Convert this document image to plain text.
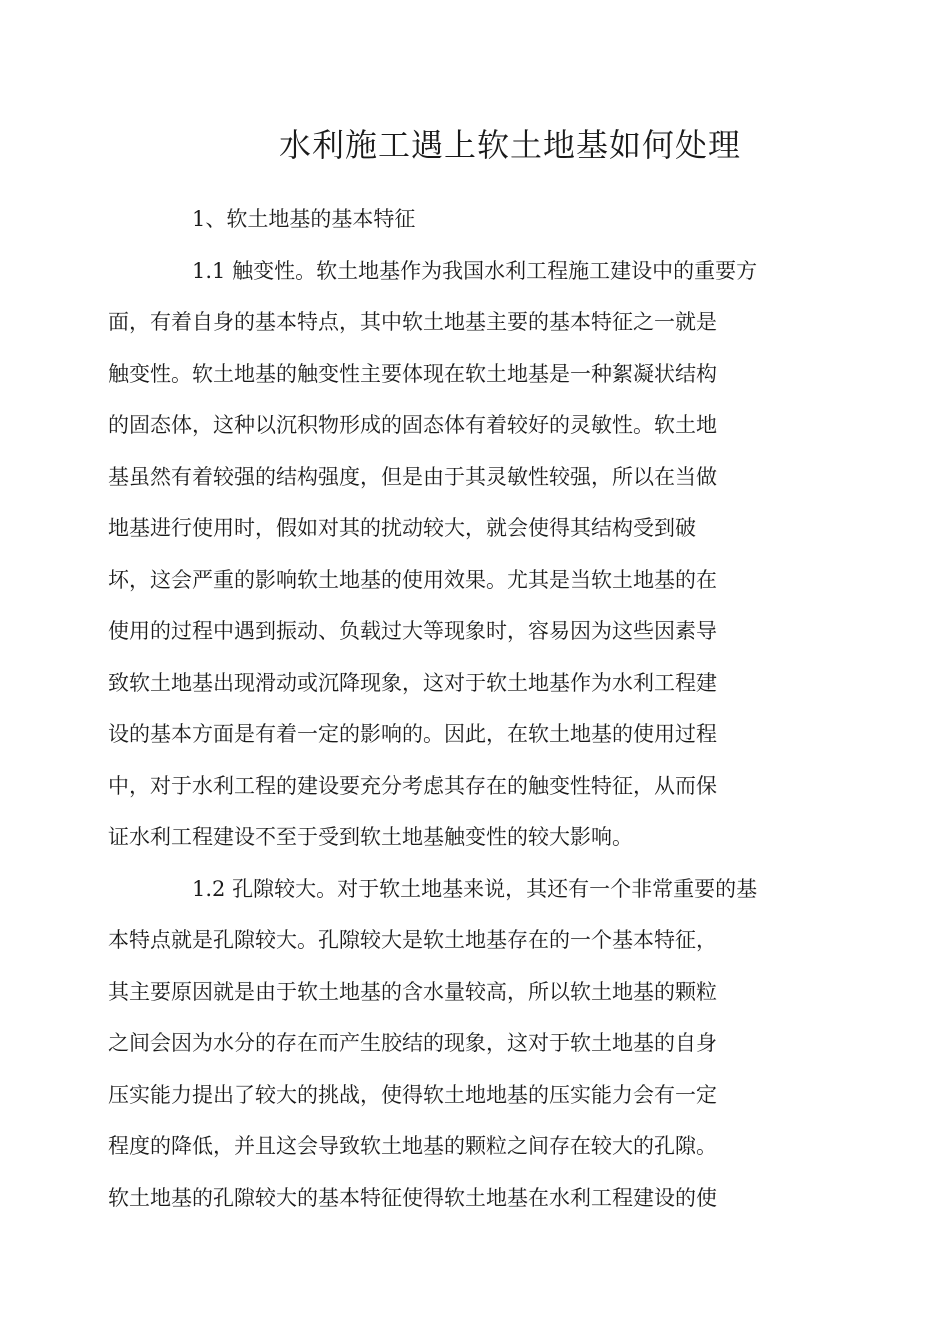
水利施工遇上软土地基如何处理

1、软土地基的基本特征

1.1 触变性。软土地基作为我国水利工程施工建设中的重要方
面，有着自身的基本特点，其中软土地基主要的基本特征之一就是
触变性。软土地基的触变性主要体现在软土地基是一种絮凝状结构
的固态体，这种以沉积物形成的固态体有着较好的灵敏性。软土地
基虽然有着较强的结构强度，但是由于其灵敏性较强，所以在当做
地基进行使用时，假如对其的扰动较大，就会使得其结构受到破
坏，这会严重的影响软土地基的使用效果。尤其是当软土地基的在
使用的过程中遇到振动、负载过大等现象时，容易因为这些因素导
致软土地基出现滑动或沉降现象，这对于软土地基作为水利工程建
设的基本方面是有着一定的影响的。因此，在软土地基的使用过程
中，对于水利工程的建设要充分考虑其存在的触变性特征，从而保
证水利工程建设不至于受到软土地基触变性的较大影响。

1.2 孔隙较大。对于软土地基来说，其还有一个非常重要的基
本特点就是孔隙较大。孔隙较大是软土地基存在的一个基本特征，
其主要原因就是由于软土地基的含水量较高，所以软土地基的颗粒
之间会因为水分的存在而产生胶结的现象，这对于软土地基的自身
压实能力提出了较大的挑战，使得软土地地基的压实能力会有一定
程度的降低，并且这会导致软土地基的颗粒之间存在较大的孔隙。
软土地基的孔隙较大的基本特征使得软土地基在水利工程建设的使
